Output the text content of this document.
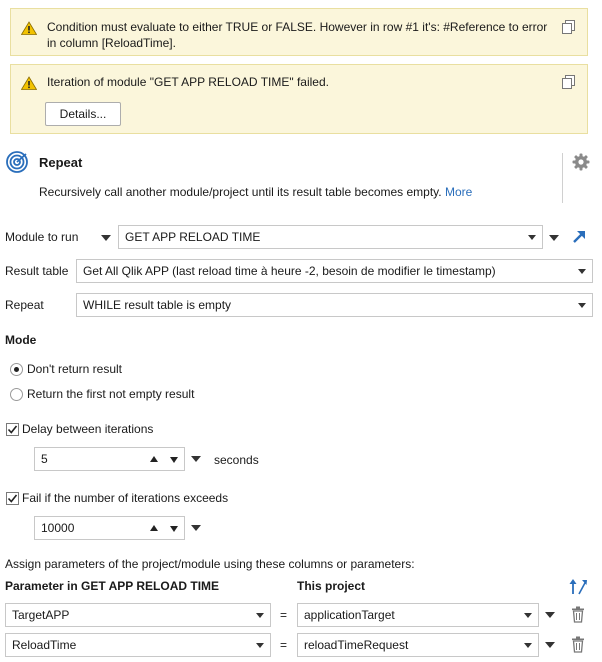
Condition must evaluate to either TRUE or FALSE. However in row #1 it's: #Reference to error in column [ReloadTime].
Iteration of module "GET APP RELOAD TIME" failed.
Details...
Repeat
Recursively call another module/project until its result table becomes empty. More
Module to run	GET APP RELOAD TIME
Result table	Get All Qlik APP (last reload time à heure -2, besoin de modifier le timestamp)
Repeat	WHILE result table is empty
Mode
Don't return result
Return the first not empty result
Delay between iterations
5	seconds
Fail if the number of iterations exceeds
10000
Assign parameters of the project/module using these columns or parameters:
Parameter in GET APP RELOAD TIME	This project
TargetAPP	=	applicationTarget
ReloadTime	=	reloadTimeRequest
